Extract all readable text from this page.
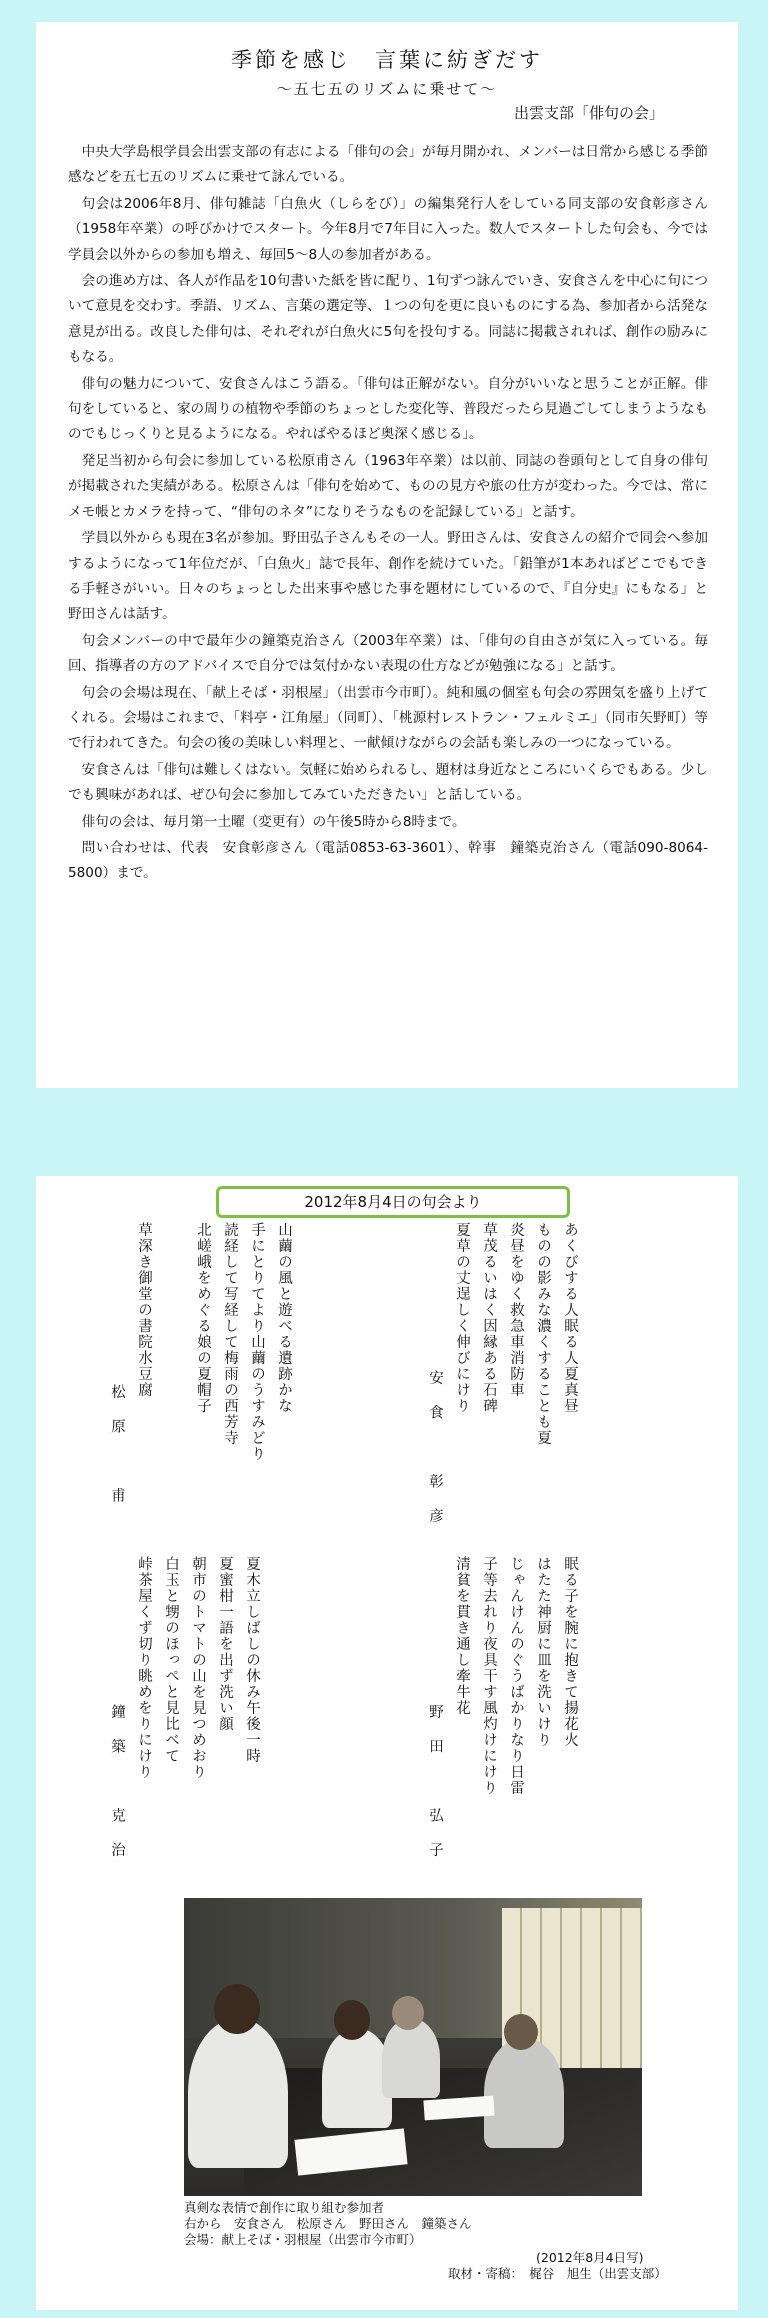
季節を感じ　言葉に紡ぎだす
～五七五のリズムに乗せて～
出雲支部「俳句の会」

中央大学島根学員会出雲支部の有志による「俳句の会」が毎月開かれ、メンバーは日常から感じる季節感などを五七五のリズムに乗せて詠んでいる。

句会は2006年8月、俳句雑誌「白魚火（しらをび）」の編集発行人をしている同支部の安食彰彦さん（1958年卒業）の呼びかけでスタート。今年8月で7年目に入った。数人でスタートした句会も、今では学員会以外からの参加も増え、毎回5～8人の参加者がある。

会の進め方は、各人が作品を10句書いた紙を皆に配り、1句ずつ詠んでいき、安食さんを中心に句について意見を交わす。季語、リズム、言葉の選定等、１つの句を更に良いものにする為、参加者から活発な意見が出る。改良した俳句は、それぞれが白魚火に5句を投句する。同誌に掲載されれば、創作の励みにもなる。

俳句の魅力について、安食さんはこう語る。「俳句は正解がない。自分がいいなと思うことが正解。俳句をしていると、家の周りの植物や季節のちょっとした変化等、普段だったら見過ごしてしまうようなものでもじっくりと見るようになる。やればやるほど奥深く感じる」。

発足当初から句会に参加している松原甫さん（1963年卒業）は以前、同誌の巻頭句として自身の俳句が掲載された実績がある。松原さんは「俳句を始めて、ものの見方や旅の仕方が変わった。今では、常にメモ帳とカメラを持って、“俳句のネタ”になりそうなものを記録している」と話す。

学員以外からも現在3名が参加。野田弘子さんもその一人。野田さんは、安食さんの紹介で同会へ参加するようになって1年位だが、「白魚火」誌で長年、創作を続けていた。「鉛筆が1本あればどこでもできる手軽さがいい。日々のちょっとした出来事や感じた事を題材にしているので、『自分史』にもなる」と野田さんは話す。

句会メンバーの中で最年少の鐘築克治さん（2003年卒業）は、「俳句の自由さが気に入っている。毎回、指導者の方のアドバイスで自分では気付かない表現の仕方などが勉強になる」と話す。

句会の会場は現在、「献上そば・羽根屋」（出雲市今市町）。純和風の個室も句会の雰囲気を盛り上げてくれる。会場はこれまで、「料亭・江角屋」（同町）、「桃源村レストラン・フェルミエ」（同市矢野町）等で行われてきた。句会の後の美味しい料理と、一献傾けながらの会話も楽しみの一つになっている。

安食さんは「俳句は難しくはない。気軽に始められるし、題材は身近なところにいくらでもある。少しでも興味があれば、ぜひ句会に参加してみていただきたい」と話している。

俳句の会は、毎月第一土曜（変更有）の午後5時から8時まで。

問い合わせは、代表　安食彰彦さん（電話0853-63-3601）、幹事　鐘築克治さん（電話090-8064-5800）まで。

2012年8月4日の句会より
あくびする人眠る人夏真昼
ものの影みな濃くすることも夏
炎昼をゆく救急車消防車
草茂るいはく因縁ある石碑
夏草の丈逞しく伸びにけり
安食　彰彦
山繭の風と遊べる遺跡かな
手にとりてより山繭のうすみどり
読経して写経して梅雨の西芳寺
北嵯峨をめぐる娘の夏帽子
草深き御堂の書院水豆腐
松原　甫
眠る子を腕に抱きて揚花火
はたた神厨に皿を洗いけり
じゃんけんのぐうばかりなり日雷
子等去れり夜具干す風灼けにけり
清貧を貫き通し牽牛花
野田　弘子
夏木立しばしの休み午後一時
夏蜜柑一語を出ず洗い顔
朝市のトマトの山を見つめおり
白玉と甥のほっぺと見比べて
峠茶屋くず切り眺めをりにけり
鐘築　克治
真剣な表情で創作に取り組む参加者
右から　安食さん　松原さん　野田さん　鐘築さん
会場：献上そば・羽根屋（出雲市今市町）
(2012年8月4日写)
取材・寄稿：　梶谷　旭生（出雲支部）
